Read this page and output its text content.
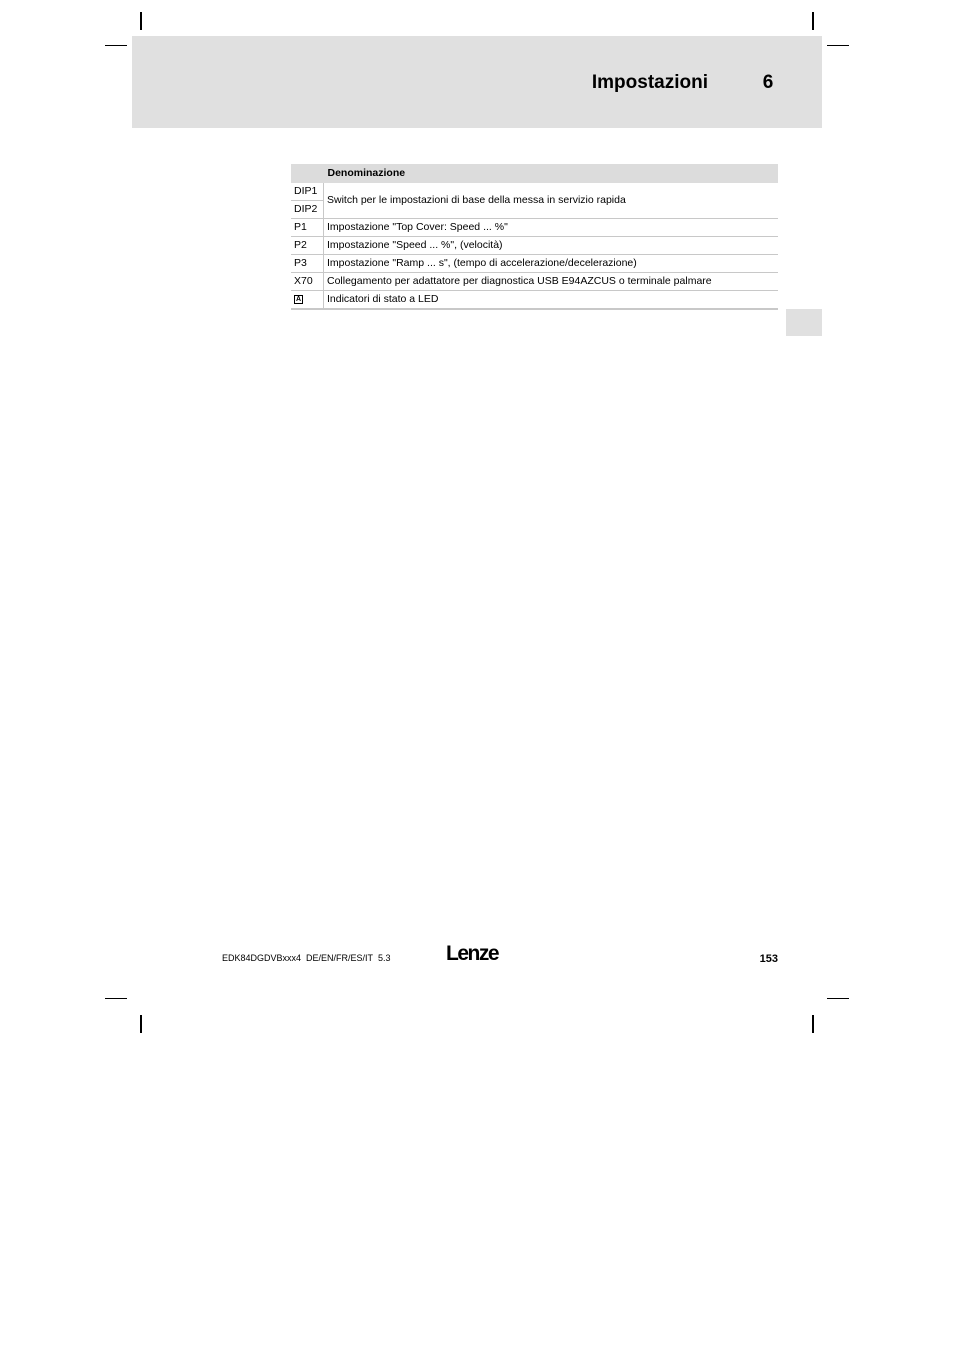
Impostazioni	6
	Denominazione
DIP1	Switch per le impostazioni di base della messa in servizio rapida
DIP2	
P1	Impostazione "Top Cover: Speed ... %"
P2	Impostazione "Speed ... %", (velocità)
P3	Impostazione "Ramp ... s", (tempo di accelerazione/decelerazione)
X70	Collegamento per adattatore per diagnostica USB E94AZCUS o terminale palmare
A	Indicatori di stato a LED
EDK84DGDVBxxx4 DE/EN/FR/ES/IT 5.3	Lenze	153
